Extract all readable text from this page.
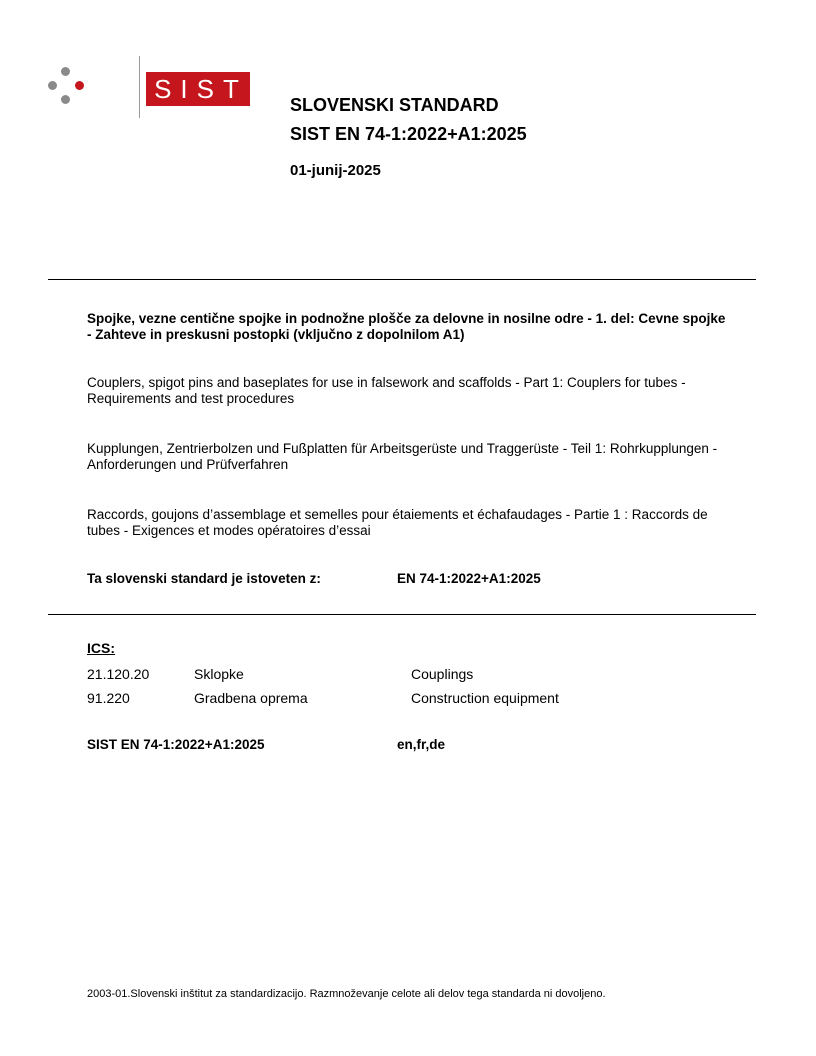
SIST
SLOVENSKI STANDARD
SIST EN 74-1:2022+A1:2025
01-junij-2025
Spojke, vezne centične spojke in podnožne plošče za delovne in nosilne odre - 1. del: Cevne spojke - Zahteve in preskusni postopki (vključno z dopolnilom A1)
Couplers, spigot pins and baseplates for use in falsework and scaffolds - Part 1: Couplers for tubes - Requirements and test procedures
Kupplungen, Zentrierbolzen und Fußplatten für Arbeitsgerüste und Traggerüste - Teil 1: Rohrkupplungen - Anforderungen und Prüfverfahren
Raccords, goujons d’assemblage et semelles pour étaiements et échafaudages - Partie 1 : Raccords de tubes - Exigences et modes opératoires d’essai
Ta slovenski standard je istoveten z:	EN 74-1:2022+A1:2025
ICS:
21.120.20	Sklopke	Couplings
91.220	Gradbena oprema	Construction equipment
SIST EN 74-1:2022+A1:2025	en,fr,de
2003-01.Slovenski inštitut za standardizacijo. Razmnoževanje celote ali delov tega standarda ni dovoljeno.
